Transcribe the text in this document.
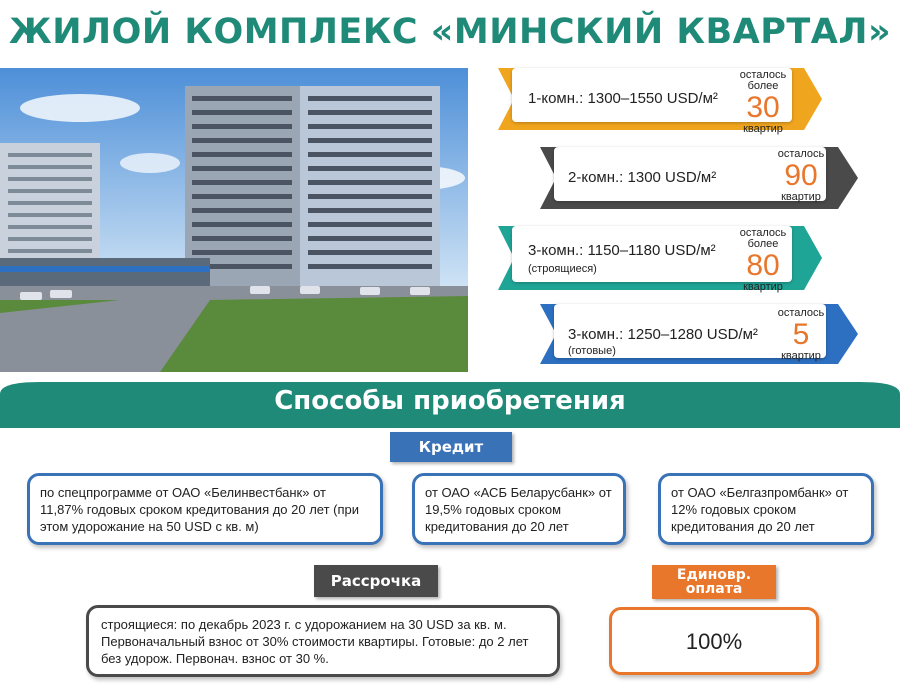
ЖИЛОЙ КОМПЛЕКС «МИНСКИЙ КВАРТАЛ»
1-комн.: 1300–1550 USD/м²
осталось
более
30
квартир
2-комн.: 1300 USD/м²
осталось
90
квартир
3-комн.: 1150–1180 USD/м²
(строящиеся)
осталось
более
80
квартир
3-комн.: 1250–1280 USD/м²
(готовые)
осталось
5
квартир
Способы приобретения
Кредит
по спецпрограмме от ОАО «Белинвестбанк» от 11,87% годовых сроком кредитования до 20 лет (при этом удорожание на 50 USD с кв. м)
от ОАО «АСБ Беларусбанк» от 19,5% годовых сроком кредитования до 20 лет
от ОАО «Белгазпромбанк» от 12% годовых сроком кредитования до 20 лет
Рассрочка
строящиеся: по декабрь 2023 г. с удорожанием на 30 USD за кв. м. Первоначальный взнос от 30% стоимости квартиры. Готовые: до 2 лет без удорож. Первонач. взнос от 30 %.
Единовр.
оплата
100%
